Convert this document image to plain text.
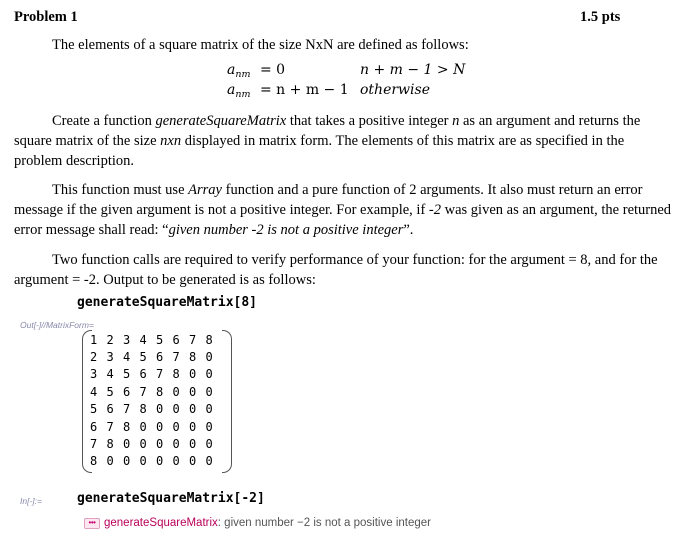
Problem 1	1.5 pts
The elements of a square matrix of the size NxN are defined as follows:
$a_{nm} = 0$	n + m − 1 > N
$a_{nm} = n + m - 1$ otherwise
Create a function generateSquareMatrix that takes a positive integer n as an argument and returns the square matrix of the size nxn displayed in matrix form. The elements of this matrix are as specified in the problem description.
This function must use Array function and a pure function of 2 arguments. It also must return an error message if the given argument is not a positive integer. For example, if -2 was given as an argument, the returned error message shall read: “given number -2 is not a positive integer”.
Two function calls are required to verify performance of your function: for the argument = 8, and for the argument = -2. Output to be generated is as follows:
generateSquareMatrix[8]
Out[-]//MatrixForm=
1	2	3	4	5	6	7	8
2	3	4	5	6	7	8	0
3	4	5	6	7	8	0	0
4	5	6	7	8	0	0	0
5	6	7	8	0	0	0	0
6	7	8	0	0	0	0	0
7	8	0	0	0	0	0	0
8	0	0	0	0	0	0	0
In[-]:=	generateSquareMatrix[-2]
••• generateSquareMatrix: given number −2 is not a positive integer
